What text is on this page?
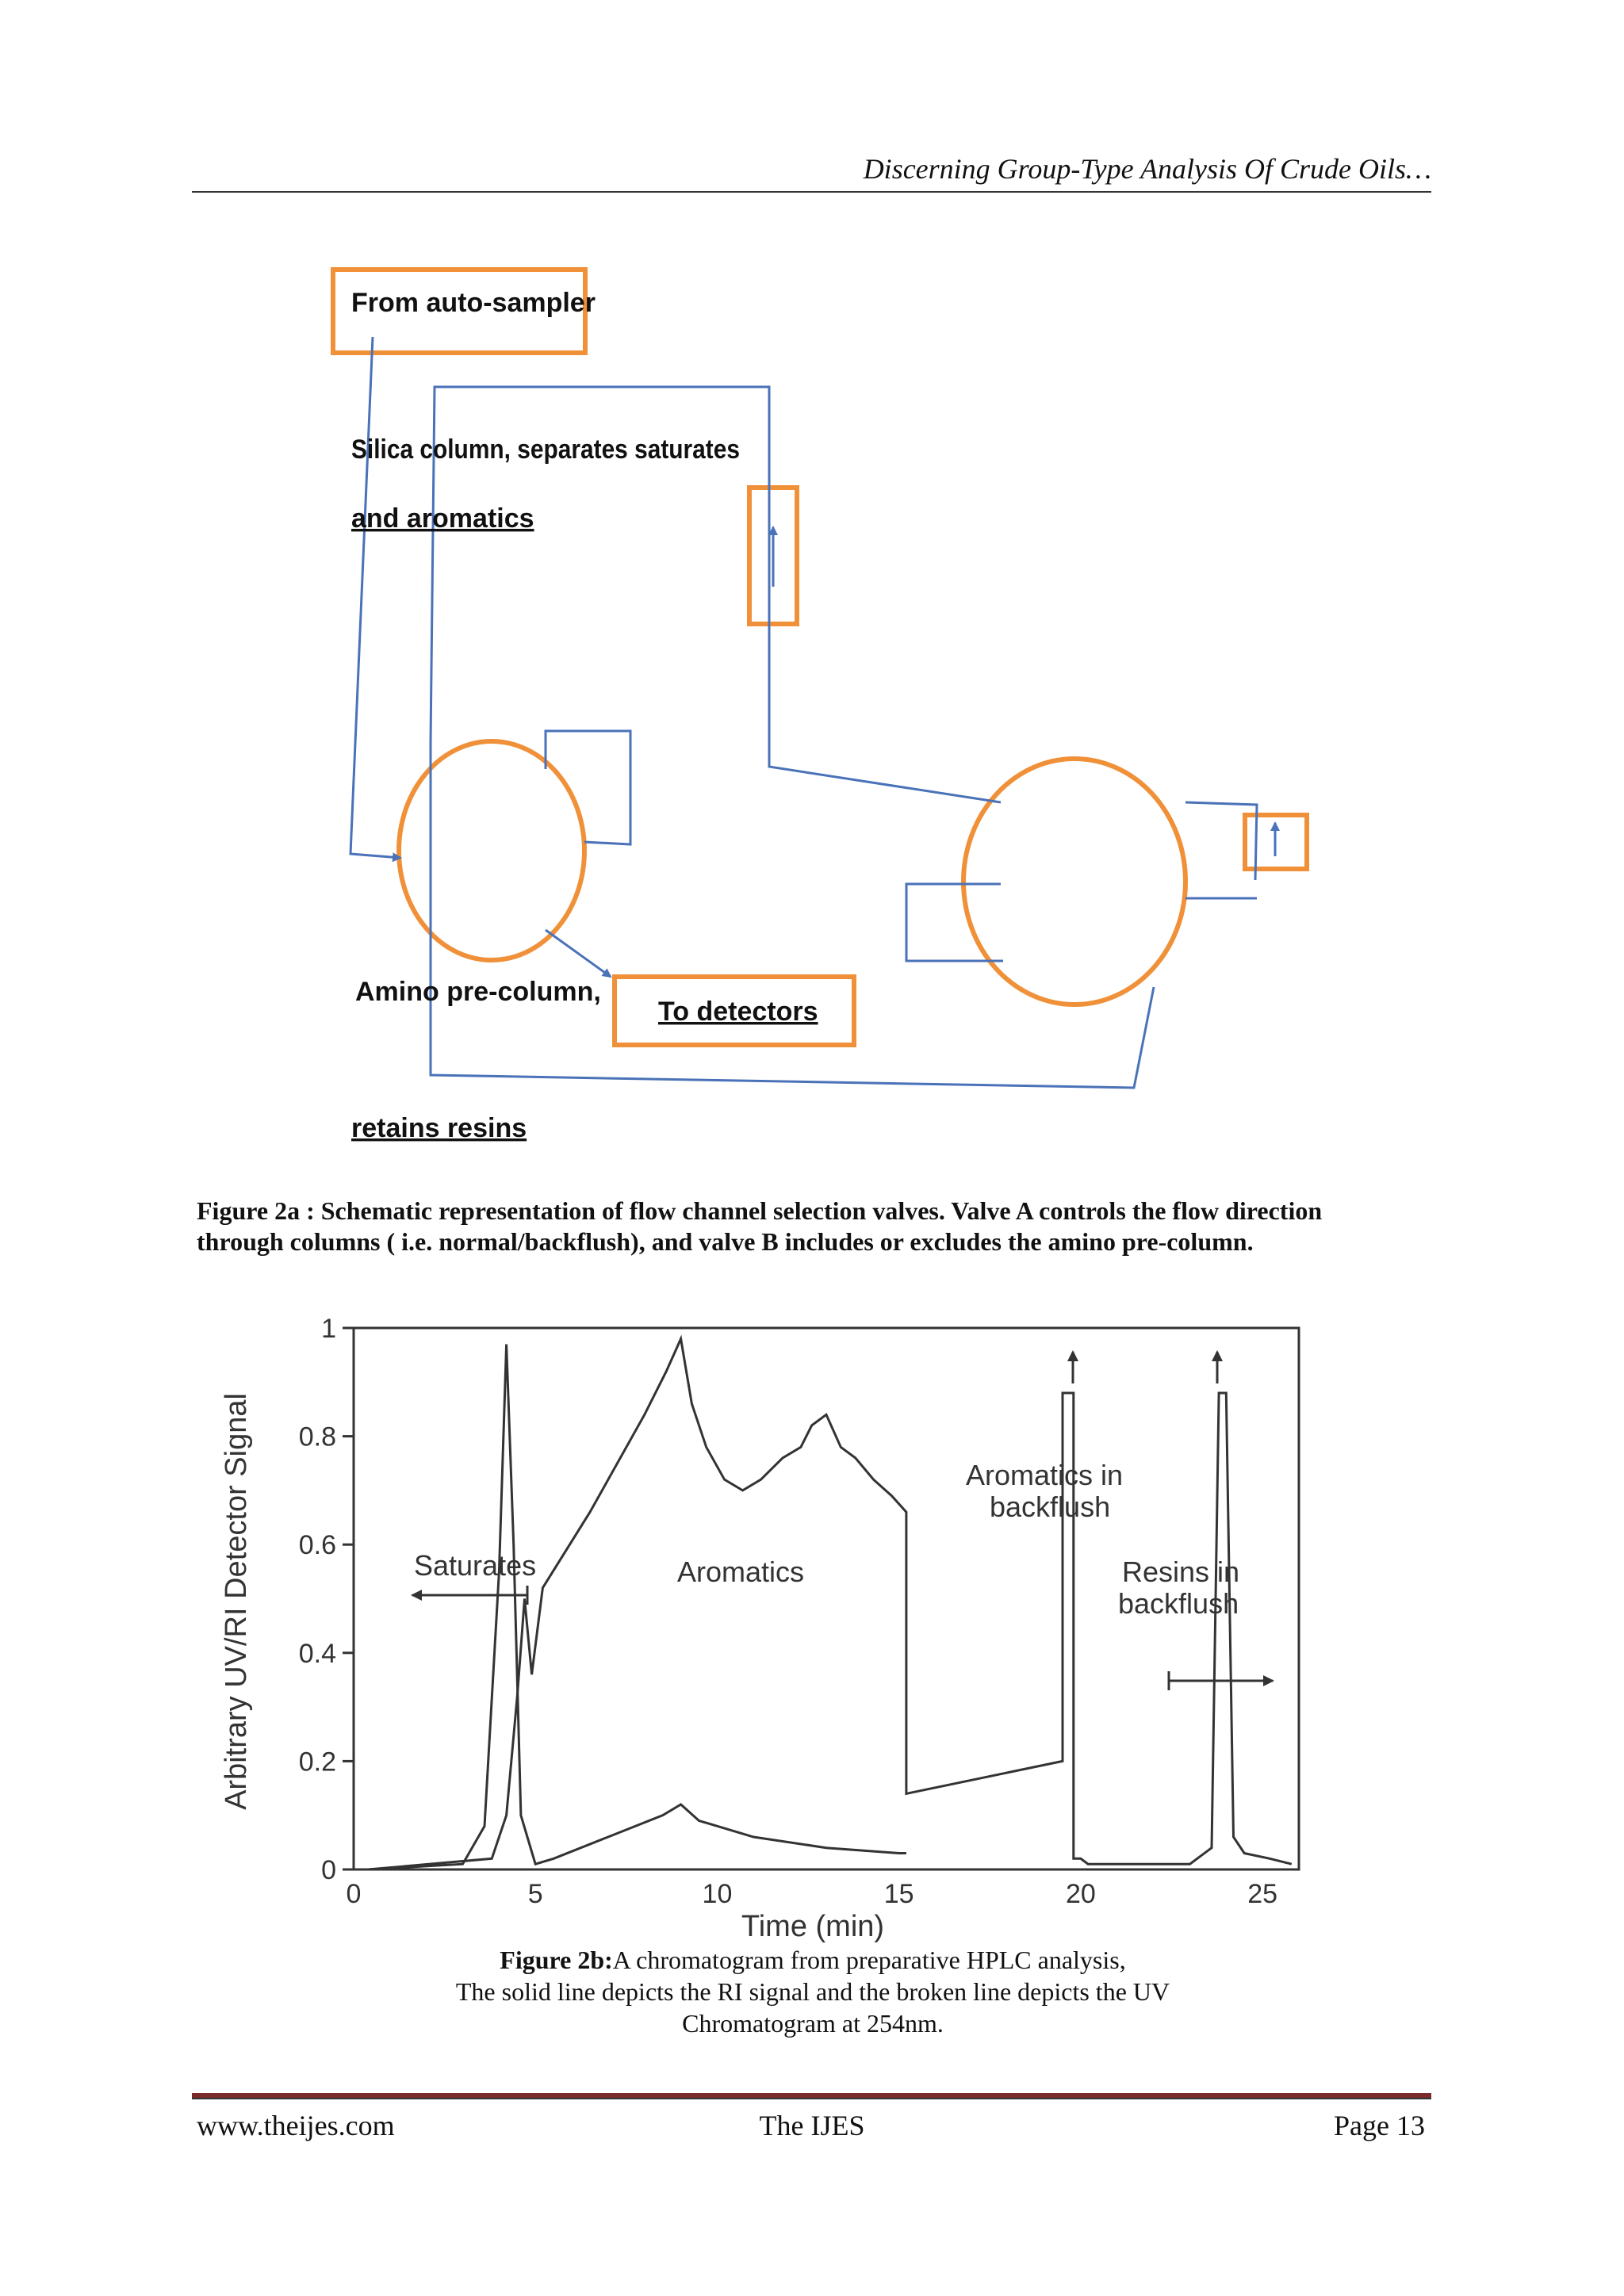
Discerning Group-Type Analysis Of Crude Oils…
From auto-sampler
Silica column, separates saturates
and aromatics
Amino pre-column,
To detectors
retains resins
Figure 2a : Schematic representation of flow channel selection valves. Valve A controls the flow direction through columns ( i.e. normal/backflush), and valve B includes or excludes the amino pre-column.
0
0.2
0.4
0.6
0.8
1
0	5	10	15	20	25
Saturates	Aromatics
Aromatics in
backflush
Resins in
backflush
Time (min)
Arbitrary UV/RI Detector Signal
Figure 2b:A chromatogram from preparative HPLC analysis,
The solid line depicts the RI signal and the broken line depicts the UV
Chromatogram at 254nm.
www.theijes.com	The IJES	Page 13
